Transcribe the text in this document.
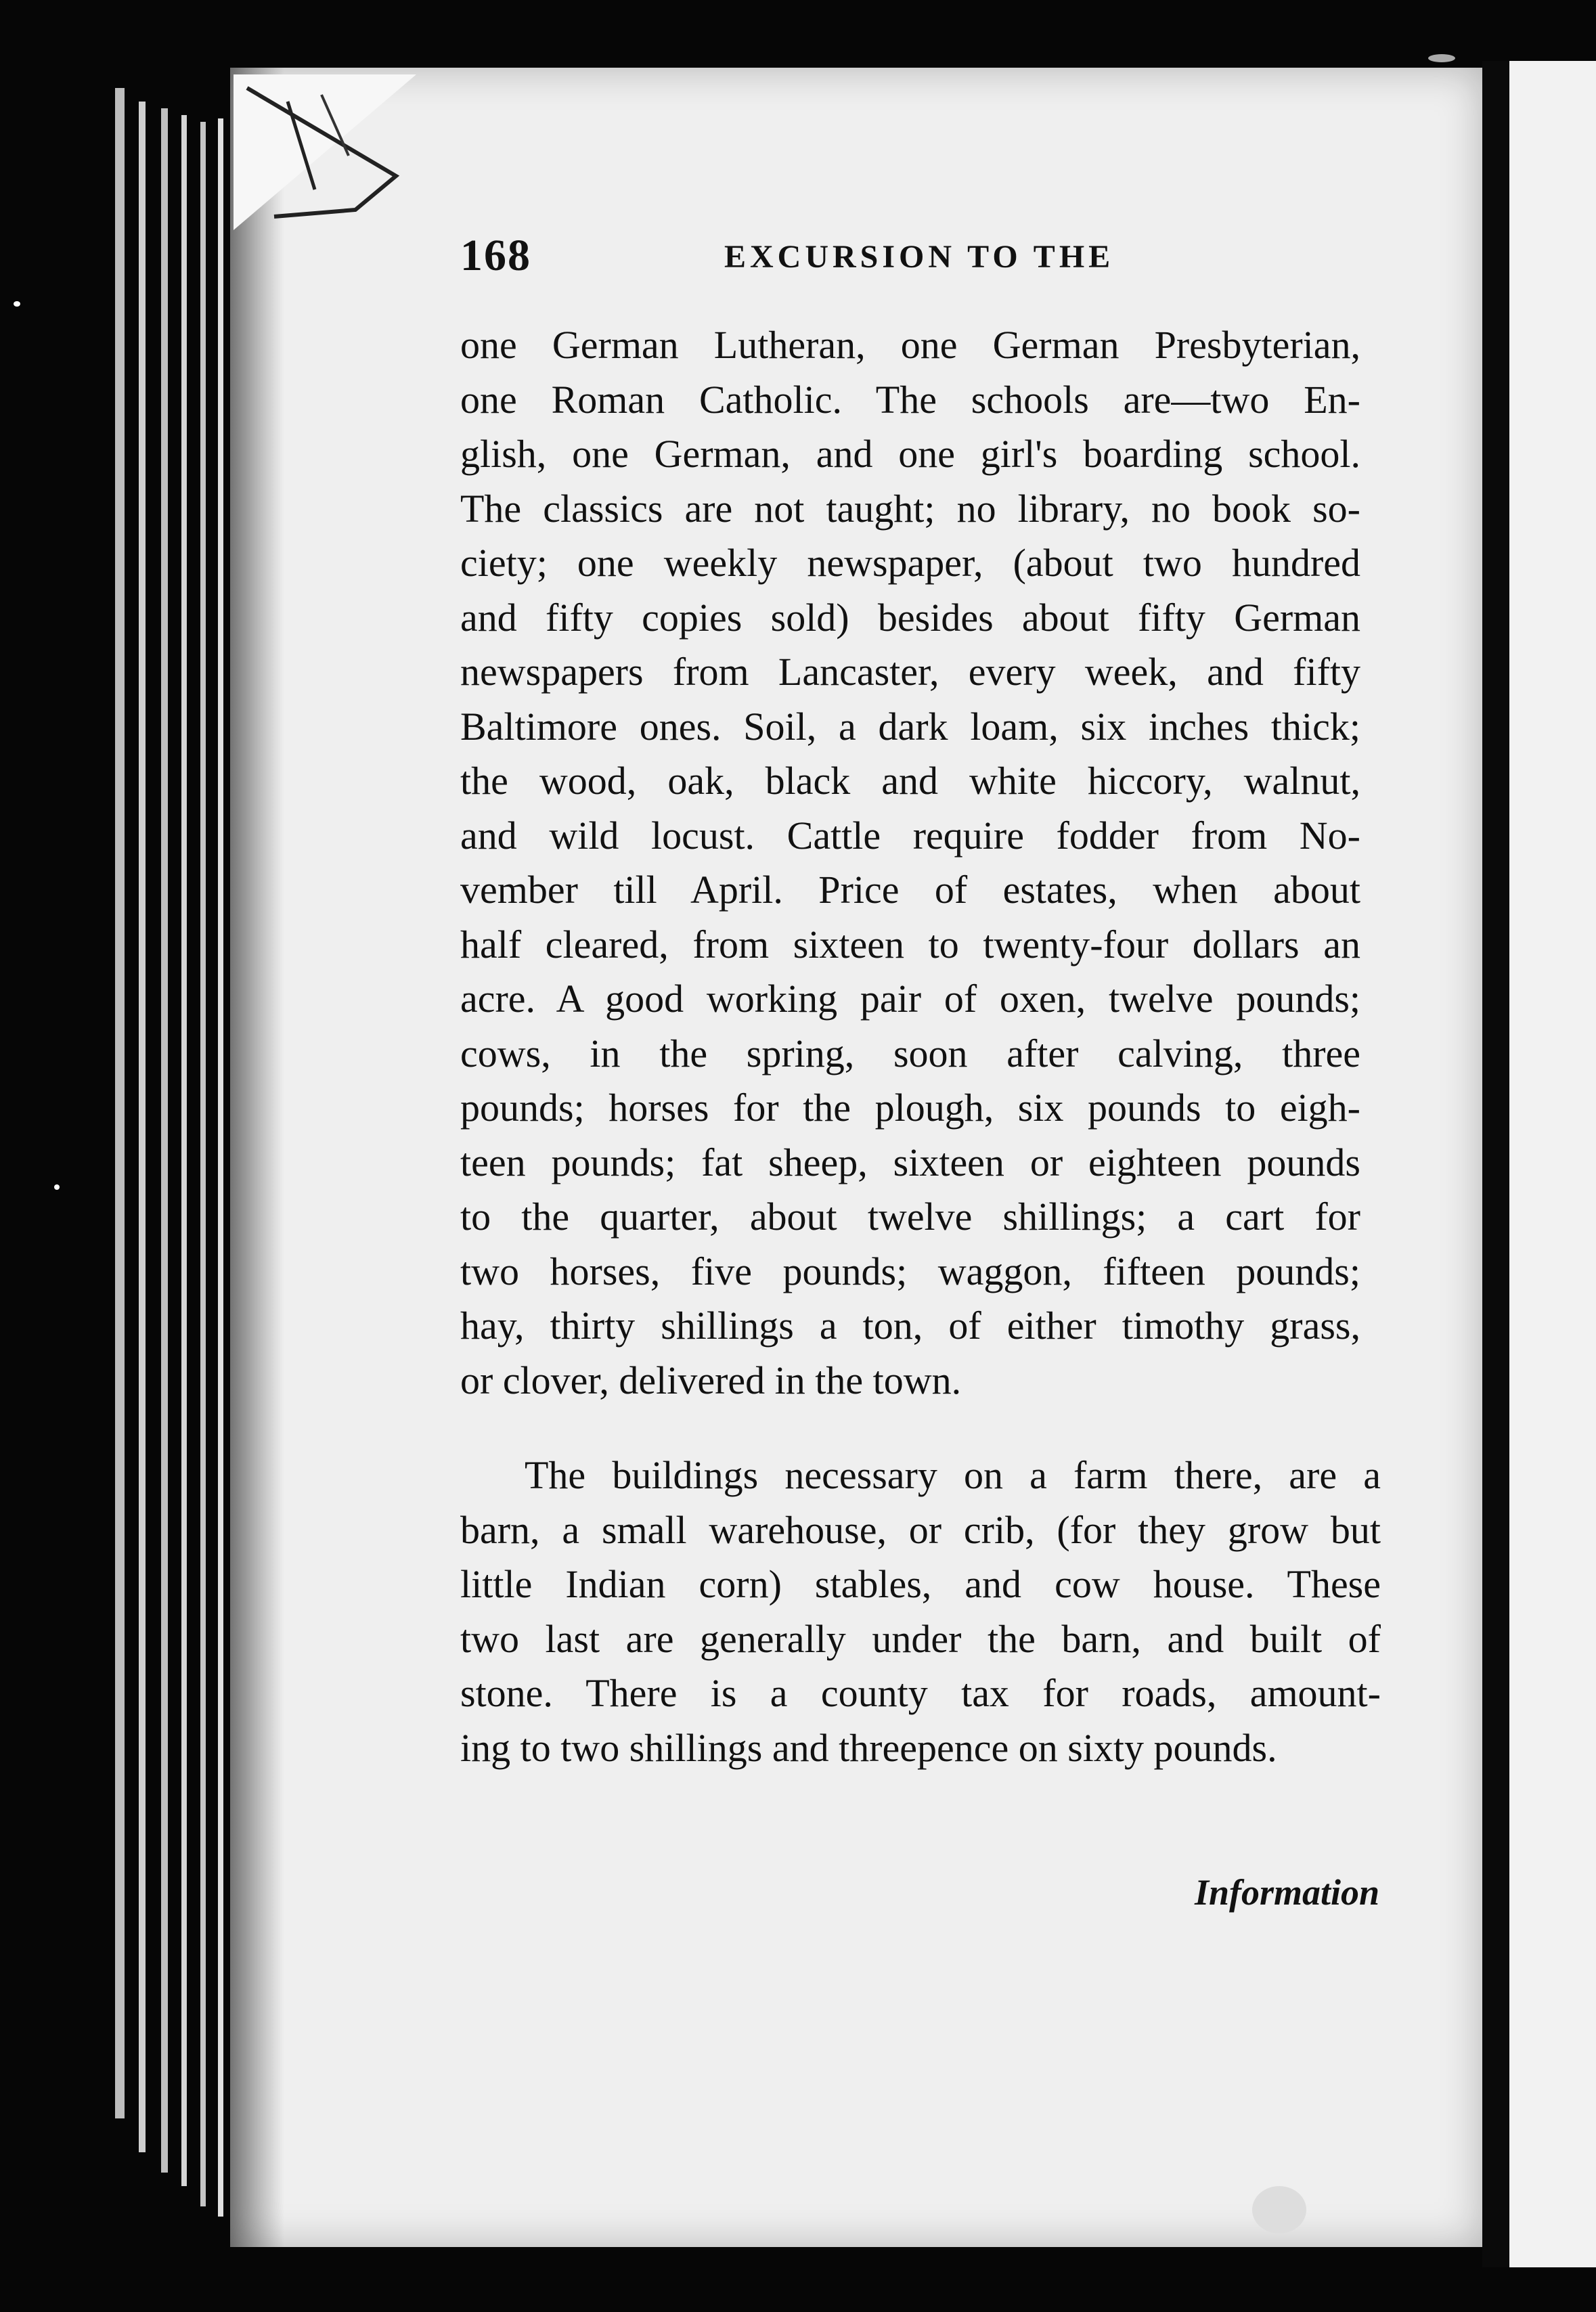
168	EXCURSION TO THE
one German Lutheran, one German Presbyterian,
one Roman Catholic. The schools are—two En-
glish, one German, and one girl's boarding school.
The classics are not taught; no library, no book so-
ciety; one weekly newspaper, (about two hundred
and fifty copies sold) besides about fifty German
newspapers from Lancaster, every week, and fifty
Baltimore ones. Soil, a dark loam, six inches thick;
the wood, oak, black and white hiccory, walnut,
and wild locust. Cattle require fodder from No-
vember till April. Price of estates, when about
half cleared, from sixteen to twenty-four dollars an
acre. A good working pair of oxen, twelve pounds;
cows, in the spring, soon after calving, three
pounds; horses for the plough, six pounds to eigh-
teen pounds; fat sheep, sixteen or eighteen pounds
to the quarter, about twelve shillings; a cart for
two horses, five pounds; waggon, fifteen pounds;
hay, thirty shillings a ton, of either timothy grass,
or clover, delivered in the town.
The buildings necessary on a farm there, are a
barn, a small warehouse, or crib, (for they grow but
little Indian corn) stables, and cow house. These
two last are generally under the barn, and built of
stone. There is a county tax for roads, amount-
ing to two shillings and threepence on sixty pounds.
Information
